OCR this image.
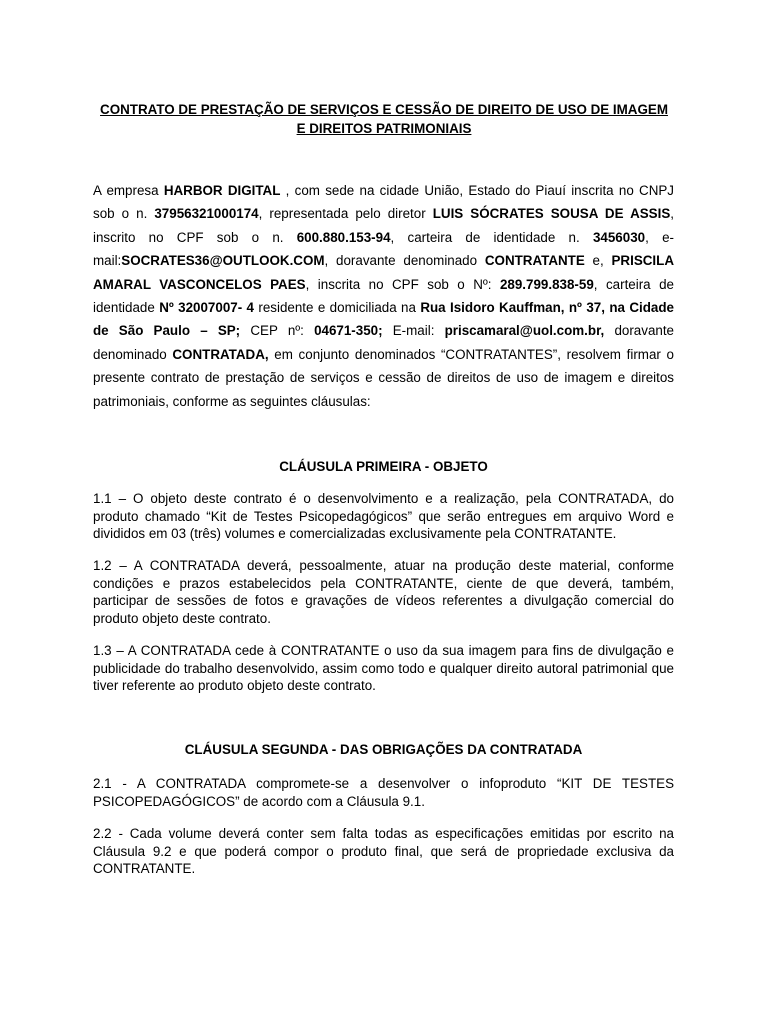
CONTRATO DE PRESTAÇÃO DE SERVIÇOS E CESSÃO DE DIREITO DE USO DE IMAGEM E DIREITOS PATRIMONIAIS
A empresa HARBOR DIGITAL , com sede na cidade União, Estado do Piauí inscrita no CNPJ sob o n. 37956321000174, representada pelo diretor LUIS SÓCRATES SOUSA DE ASSIS, inscrito no CPF sob o n. 600.880.153-94, carteira de identidade n. 3456030, e-mail:SOCRATES36@OUTLOOK.COM, doravante denominado CONTRATANTE e, PRISCILA AMARAL VASCONCELOS PAES, inscrita no CPF sob o Nº: 289.799.838-59, carteira de identidade Nº 32007007- 4 residente e domiciliada na Rua Isidoro Kauffman, nº 37, na Cidade de São Paulo – SP; CEP nº: 04671-350; E-mail: priscamaral@uol.com.br, doravante denominado CONTRATADA, em conjunto denominados “CONTRATANTES”, resolvem firmar o presente contrato de prestação de serviços e cessão de direitos de uso de imagem e direitos patrimoniais, conforme as seguintes cláusulas:
CLÁUSULA PRIMEIRA - OBJETO
1.1 – O objeto deste contrato é o desenvolvimento e a realização, pela CONTRATADA, do produto chamado “Kit de Testes Psicopedagógicos” que serão entregues em arquivo Word e divididos em 03 (três) volumes e comercializadas exclusivamente pela CONTRATANTE.
1.2 – A CONTRATADA deverá, pessoalmente, atuar na produção deste material, conforme condições e prazos estabelecidos pela CONTRATANTE, ciente de que deverá, também, participar de sessões de fotos e gravações de vídeos referentes a divulgação comercial do produto objeto deste contrato.
1.3 – A CONTRATADA cede à CONTRATANTE o uso da sua imagem para fins de divulgação e publicidade do trabalho desenvolvido, assim como todo e qualquer direito autoral patrimonial que tiver referente ao produto objeto deste contrato.
CLÁUSULA SEGUNDA - DAS OBRIGAÇÕES DA CONTRATADA
2.1 - A CONTRATADA compromete-se a desenvolver o infoproduto “KIT DE TESTES PSICOPEDAGÓGICOS” de acordo com a Cláusula 9.1.
2.2 - Cada volume deverá conter sem falta todas as especificações emitidas por escrito na Cláusula 9.2 e que poderá compor o produto final, que será de propriedade exclusiva da CONTRATANTE.
